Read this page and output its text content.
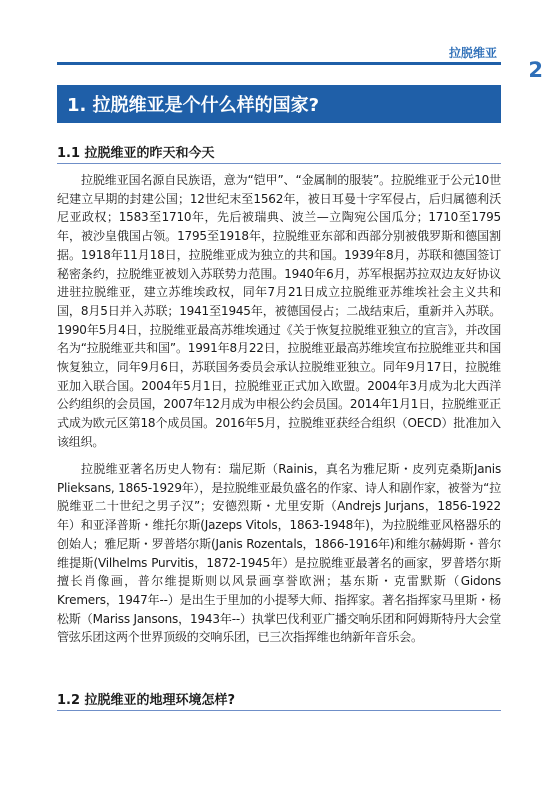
拉脱维亚
2
1. 拉脱维亚是个什么样的国家?
1.1 拉脱维亚的昨天和今天

拉脱维亚国名源自民族语，意为“铠甲”、“金属制的服装”。拉脱维亚于公元10世纪建立早期的封建公国；12世纪末至1562年，被日耳曼十字军侵占，后归属德利沃尼亚政权；1583至1710年，先后被瑞典、波兰—立陶宛公国瓜分；1710至1795年，被沙皇俄国占领。1795至1918年，拉脱维亚东部和西部分别被俄罗斯和德国割据。1918年11月18日，拉脱维亚成为独立的共和国。1939年8月，苏联和德国签订秘密条约，拉脱维亚被划入苏联势力范围。1940年6月，苏军根据苏拉双边友好协议进驻拉脱维亚，建立苏维埃政权，同年7月21日成立拉脱维亚苏维埃社会主义共和国，8月5日并入苏联；1941至1945年，被德国侵占；二战结束后，重新并入苏联。1990年5月4日，拉脱维亚最高苏维埃通过《关于恢复拉脱维亚独立的宣言》，并改国名为“拉脱维亚共和国”。1991年8月22日，拉脱维亚最高苏维埃宣布拉脱维亚共和国恢复独立，同年9月6日，苏联国务委员会承认拉脱维亚独立。同年9月17日，拉脱维亚加入联合国。2004年5月1日，拉脱维亚正式加入欧盟。2004年3月成为北大西洋公约组织的会员国，2007年12月成为申根公约会员国。2014年1月1日，拉脱维亚正式成为欧元区第18个成员国。2016年5月，拉脱维亚获经合组织（OECD）批准加入该组织。

拉脱维亚著名历史人物有：瑞尼斯（Rainis，真名为雅尼斯・皮列克桑斯Janis Plieksans, 1865-1929年），是拉脱维亚最负盛名的作家、诗人和剧作家，被誉为“拉脱维亚二十世纪之男子汉”；安德烈斯・尤里安斯（Andrejs Jurjans，1856-1922年）和亚泽普斯・维托尔斯(Jazeps Vitols，1863-1948年)，为拉脱维亚风格器乐的创始人；雅尼斯・罗普塔尔斯(Janis Rozentals，1866-1916年)和维尔赫姆斯・普尔维提斯(Vilhelms Purvitis，1872-1945年）是拉脱维亚最著名的画家，罗普塔尔斯擅长肖像画，普尔维提斯则以风景画享誉欧洲；基东斯・克雷默斯（Gidons Kremers，1947年--）是出生于里加的小提琴大师、指挥家。著名指挥家马里斯・杨松斯（Mariss Jansons，1943年--）执掌巴伐利亚广播交响乐团和阿姆斯特丹大会堂管弦乐团这两个世界顶级的交响乐团，已三次指挥维也纳新年音乐会。

1.2 拉脱维亚的地理环境怎样?
